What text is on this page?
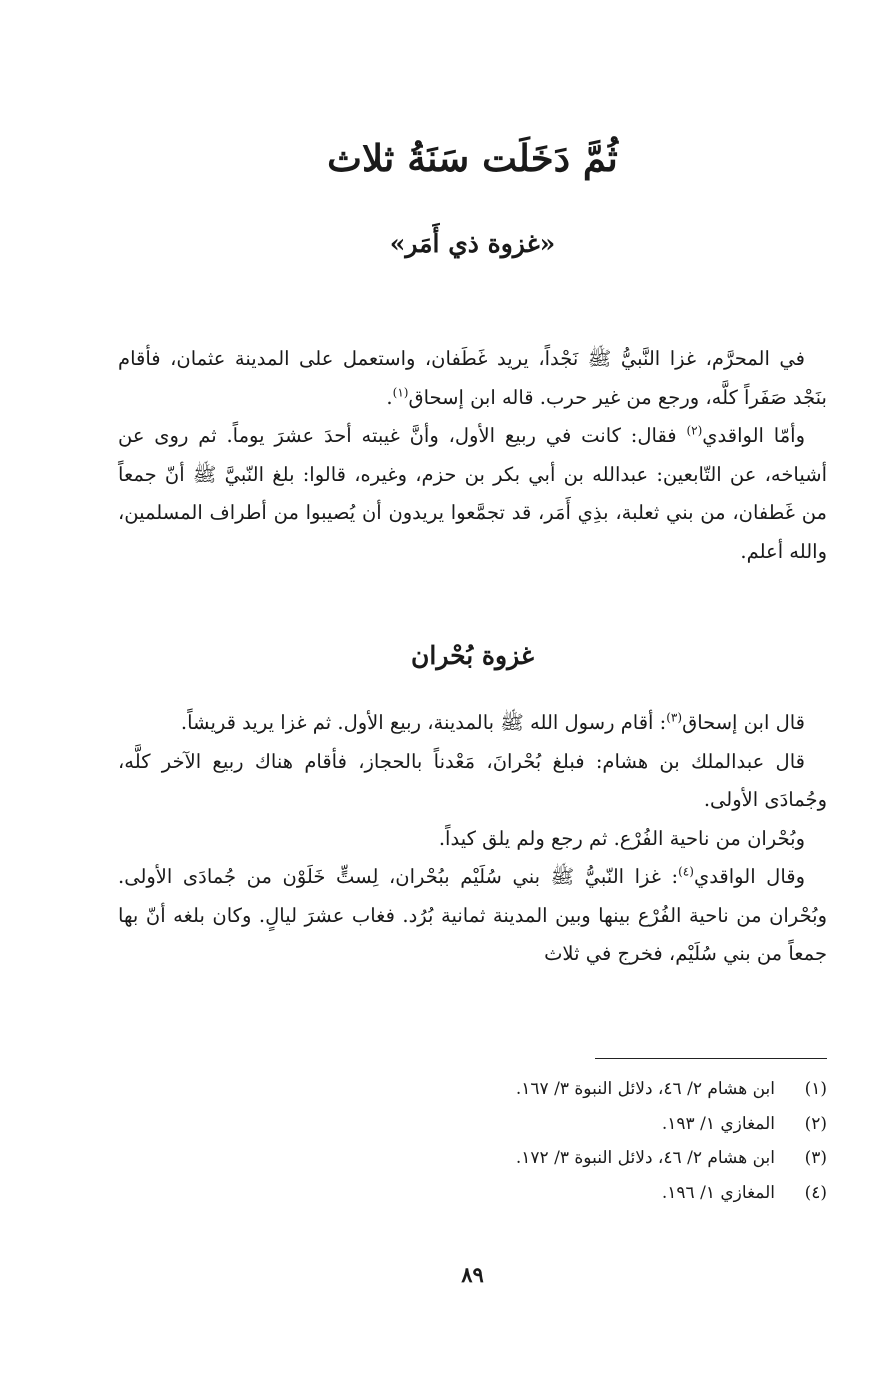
ثُمَّ دَخَلَت سَنَةُ ثلاث
«غزوة ذي أَمَر»

في المحرَّم، غزا النَّبيُّ ﷺ نَجْداً، يريد غَطَفان، واستعمل على المدينة عثمان، فأقام بنَجْد صَفَراً كلَّه، ورجع من غير حرب. قاله ابن إسحاق$^{(١)}$.

وأمّا الواقدي$^{(٢)}$ فقال: كانت في ربيع الأول، وأنَّ غيبته أحدَ عشرَ يوماً. ثم روى عن أشياخه، عن التّابعين: عبدالله بن أبي بكر بن حزم، وغيره، قالوا: بلغ النّبيَّ ﷺ أنّ جمعاً من غَطفان، من بني ثعلبة، بذِي أَمَر، قد تجمَّعوا يريدون أن يُصيبوا من أطراف المسلمين، والله أعلم.

غزوة بُحْران

قال ابن إسحاق$^{(٣)}$: أقام رسول الله ﷺ بالمدينة، ربيع الأول. ثم غزا يريد قريشاً.

قال عبدالملك بن هشام: فبلغ بُحْرانَ، مَعْدناً بالحجاز، فأقام هناك ربيع الآخر كلَّه، وجُمادَى الأولى.

وبُحْران من ناحية الفُرْع. ثم رجع ولم يلق كيداً.

وقال الواقدي$^{(٤)}$: غزا النّبيُّ ﷺ بني سُلَيْم ببُحْران، لِستٍّ خَلَوْن من جُمادَى الأولى. وبُحْران من ناحية الفُرْع بينها وبين المدينة ثمانية بُرُد. فغاب عشرَ ليالٍ. وكان بلغه أنّ بها جمعاً من بني سُلَيْم، فخرج في ثلاث

(١)
ابن هشام ٢/ ٤٦، دلائل النبوة ٣/ ١٦٧.
(٢)
المغازي ١/ ١٩٣.
(٣)
ابن هشام ٢/ ٤٦، دلائل النبوة ٣/ ١٧٢.
(٤)
المغازي ١/ ١٩٦.
٨٩
